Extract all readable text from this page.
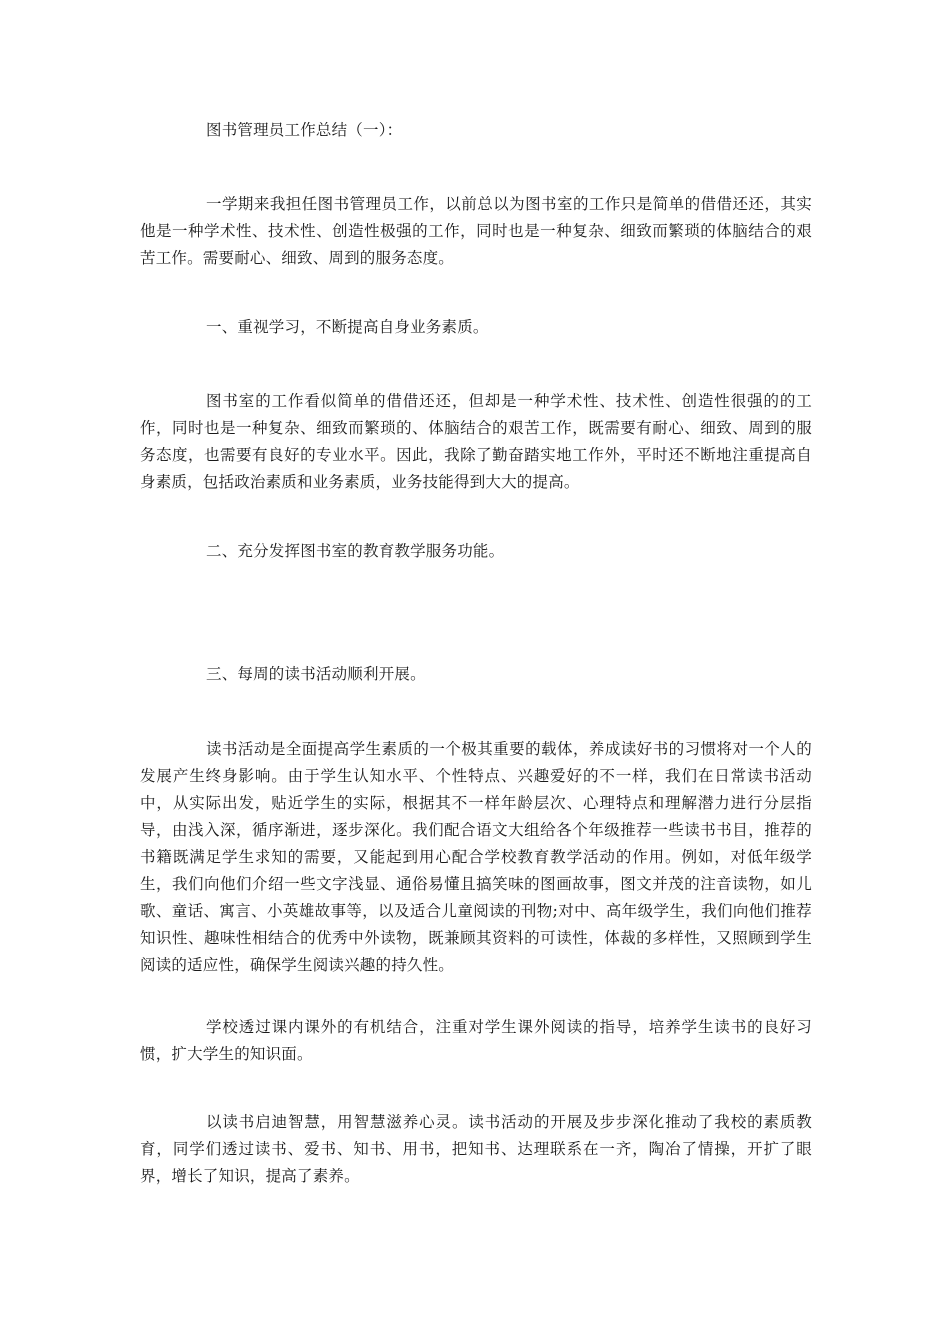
图书管理员工作总结（一）：

一学期来我担任图书管理员工作，以前总以为图书室的工作只是简单的借借还还，其实他是一种学术性、技术性、创造性极强的工作，同时也是一种复杂、细致而繁琐的体脑结合的艰苦工作。需要耐心、细致、周到的服务态度。

一、重视学习，不断提高自身业务素质。

图书室的工作看似简单的借借还还，但却是一种学术性、技术性、创造性很强的的工作，同时也是一种复杂、细致而繁琐的、体脑结合的艰苦工作，既需要有耐心、细致、周到的服务态度，也需要有良好的专业水平。因此，我除了勤奋踏实地工作外，平时还不断地注重提高自身素质，包括政治素质和业务素质，业务技能得到大大的提高。

二、充分发挥图书室的教育教学服务功能。

三、每周的读书活动顺利开展。

读书活动是全面提高学生素质的一个极其重要的载体，养成读好书的习惯将对一个人的发展产生终身影响。由于学生认知水平、个性特点、兴趣爱好的不一样，我们在日常读书活动中，从实际出发，贴近学生的实际，根据其不一样年龄层次、心理特点和理解潜力进行分层指导，由浅入深，循序渐进，逐步深化。我们配合语文大组给各个年级推荐一些读书书目，推荐的书籍既满足学生求知的需要，又能起到用心配合学校教育教学活动的作用。例如，对低年级学生，我们向他们介绍一些文字浅显、通俗易懂且搞笑味的图画故事，图文并茂的注音读物，如儿歌、童话、寓言、小英雄故事等，以及适合儿童阅读的刊物;对中、高年级学生，我们向他们推荐知识性、趣味性相结合的优秀中外读物，既兼顾其资料的可读性，体裁的多样性，又照顾到学生阅读的适应性，确保学生阅读兴趣的持久性。

学校透过课内课外的有机结合，注重对学生课外阅读的指导，培养学生读书的良好习惯，扩大学生的知识面。

以读书启迪智慧，用智慧滋养心灵。读书活动的开展及步步深化推动了我校的素质教育，同学们透过读书、爱书、知书、用书，把知书、达理联系在一齐，陶冶了情操，开扩了眼界，增长了知识，提高了素养。
